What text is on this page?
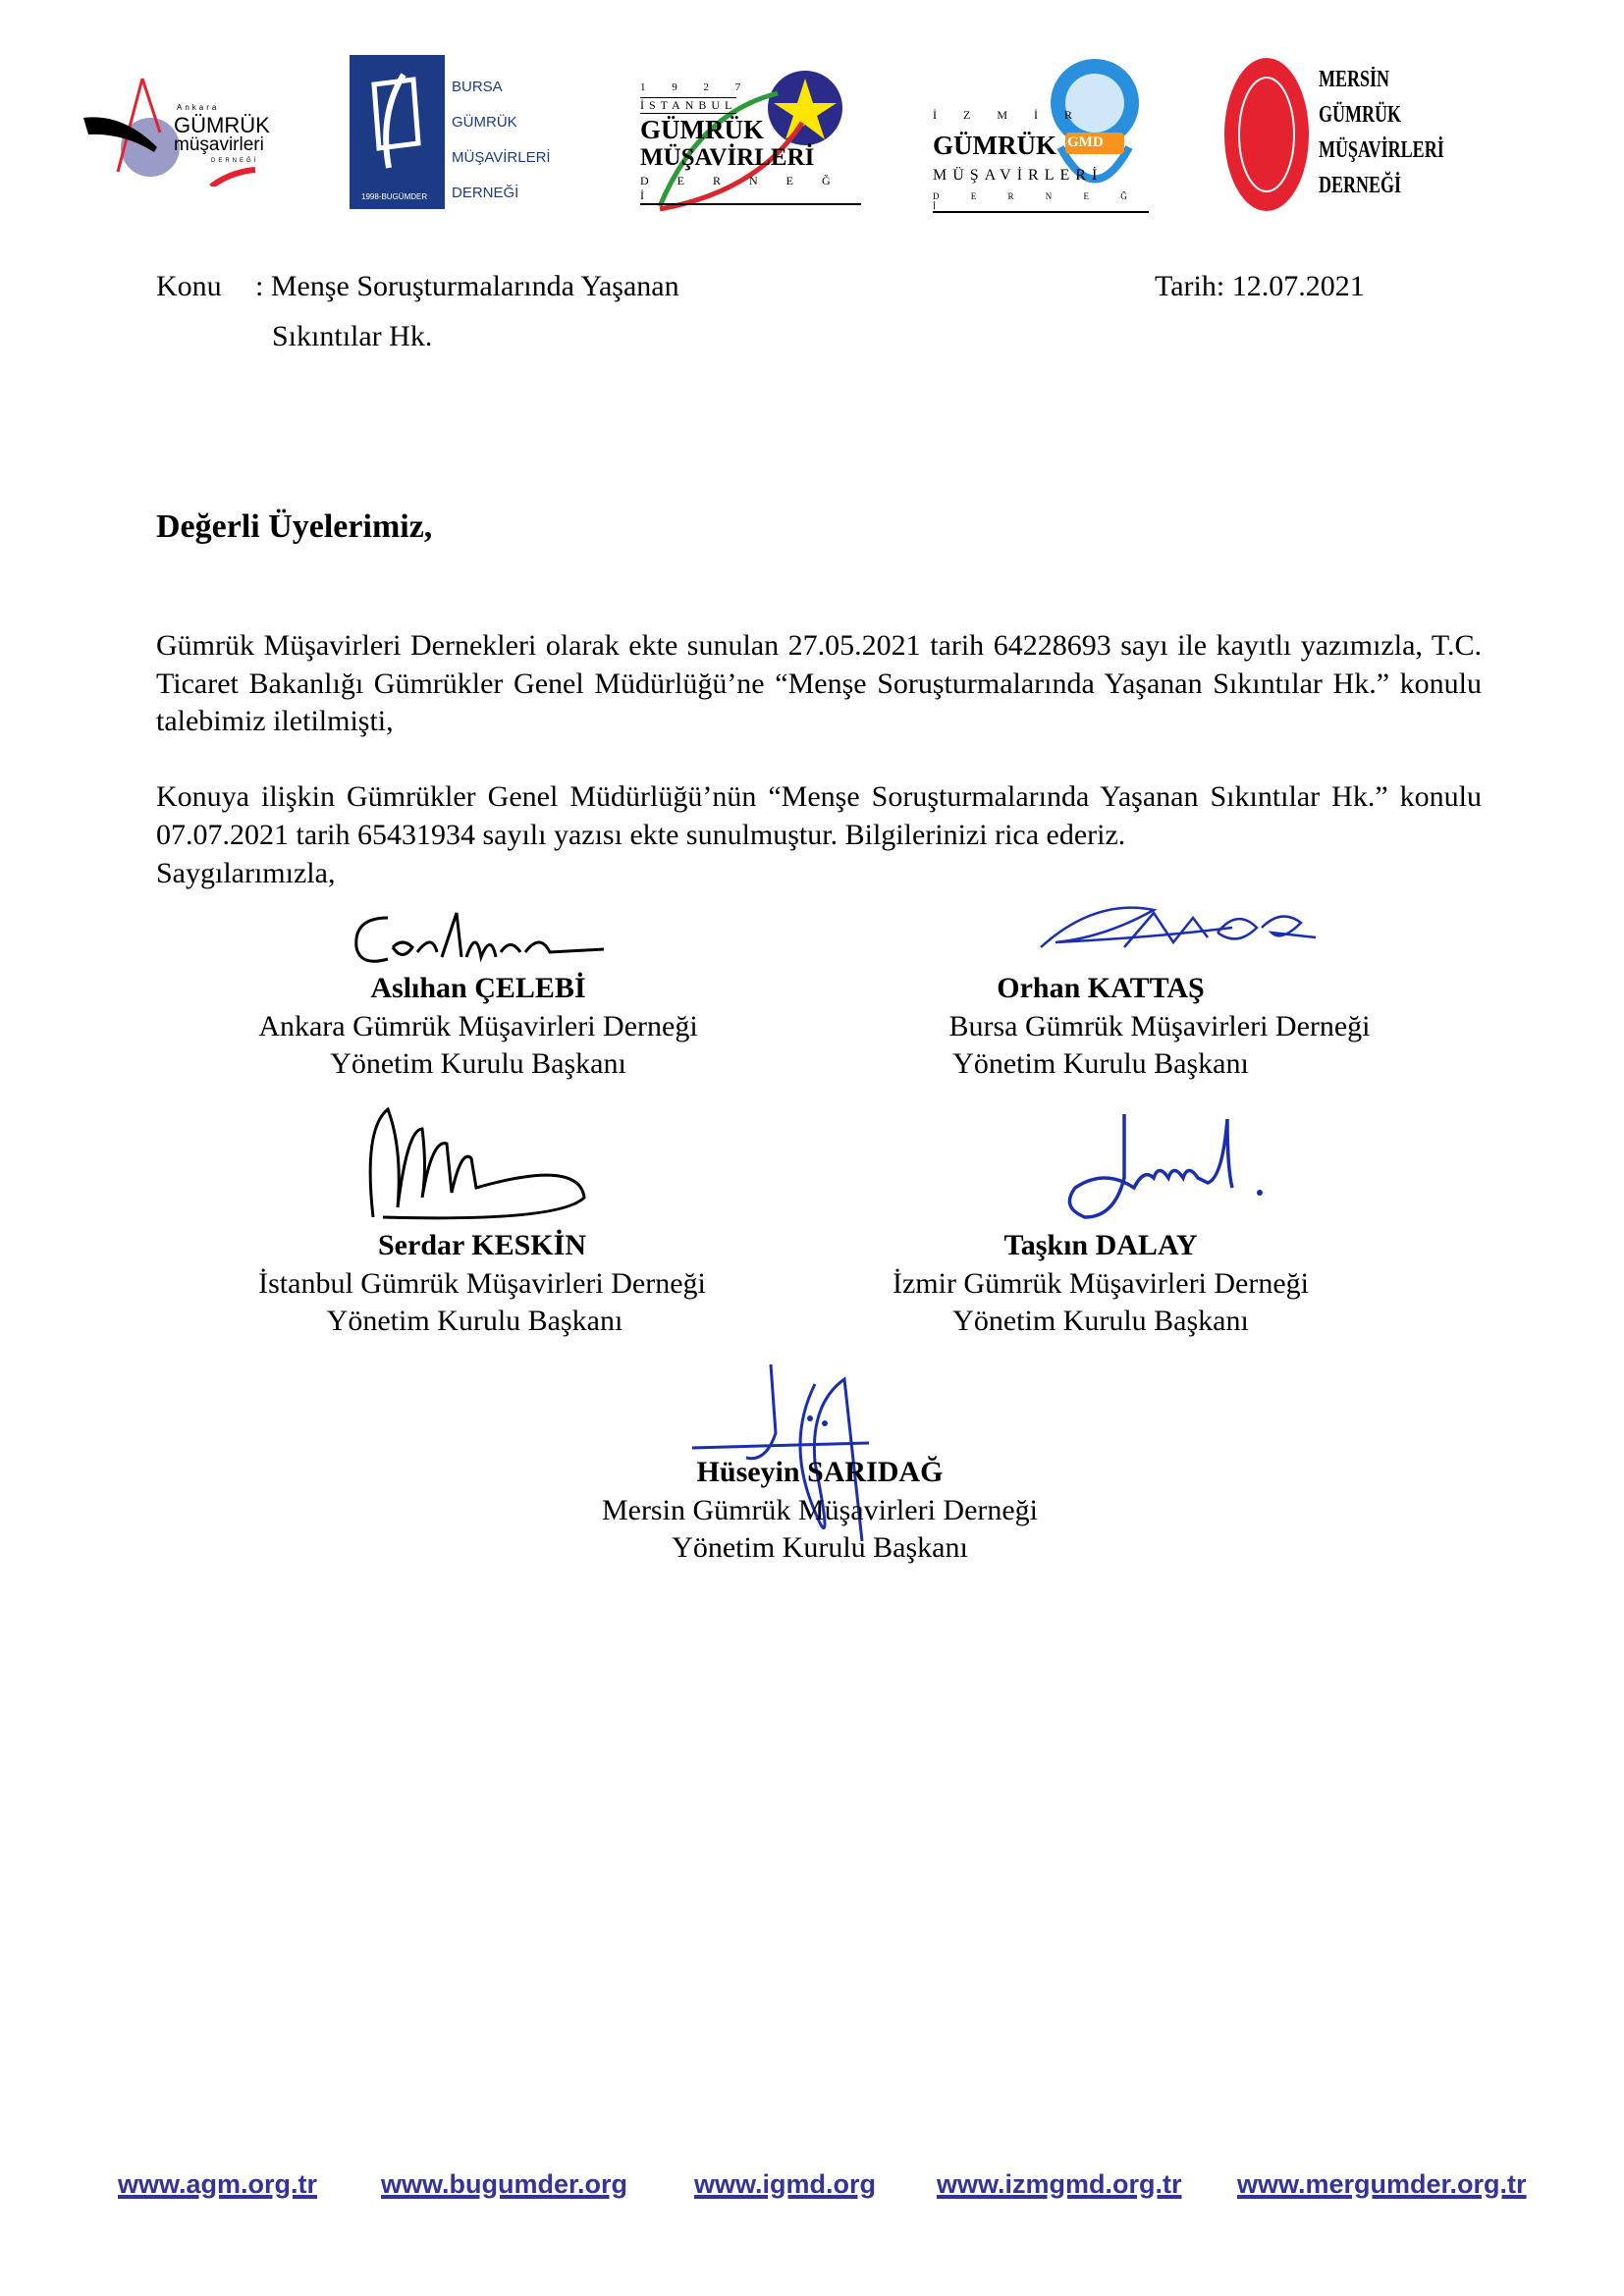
Ankara
GÜMRÜK
müşavirleri
DERNEĞİ
1998-BUGÜMDER
BURSA
GÜMRÜK
MÜŞAVİRLERİ
DERNEĞİ
1 9 2 7
İSTANBUL
GÜMRÜK
MÜŞAVİRLERİ
D E R N E Ğ İ
GMD
İ Z M İ R
GÜMRÜK
MÜŞAVİRLERİ
D E R N E Ğ İ
MERSİN
GÜMRÜK
MÜŞAVİRLERİ
DERNEĞİ
Konu : Menşe Soruşturmalarında Yaşanan
Sıkıntılar Hk.
Tarih: 12.07.2021
Değerli Üyelerimiz,
Gümrük Müşavirleri Dernekleri olarak ekte sunulan 27.05.2021 tarih 64228693 sayı ile kayıtlı yazımızla, T.C. Ticaret Bakanlığı Gümrükler Genel Müdürlüğü’ne “Menşe Soruşturmalarında Yaşanan Sıkıntılar Hk.” konulu talebimiz iletilmişti,
Konuya ilişkin Gümrükler Genel Müdürlüğü’nün “Menşe Soruşturmalarında Yaşanan Sıkıntılar Hk.” konulu 07.07.2021 tarih 65431934 sayılı yazısı ekte sunulmuştur. Bilgilerinizi rica ederiz.
Saygılarımızla,
Aslıhan ÇELEBİ
Ankara Gümrük Müşavirleri Derneği
Yönetim Kurulu Başkanı
Orhan KATTAŞ
Bursa Gümrük Müşavirleri Derneği
Yönetim Kurulu Başkanı
Serdar KESKİN
İstanbul Gümrük Müşavirleri Derneği
Yönetim Kurulu Başkanı
Taşkın DALAY
İzmir Gümrük Müşavirleri Derneği
Yönetim Kurulu Başkanı
Hüseyin SARIDAĞ
Mersin Gümrük Müşavirleri Derneği
Yönetim Kurulu Başkanı
www.agm.org.tr www.bugumder.org	www.igmd.org www.izmgmd.org.tr www.mergumder.org.tr
